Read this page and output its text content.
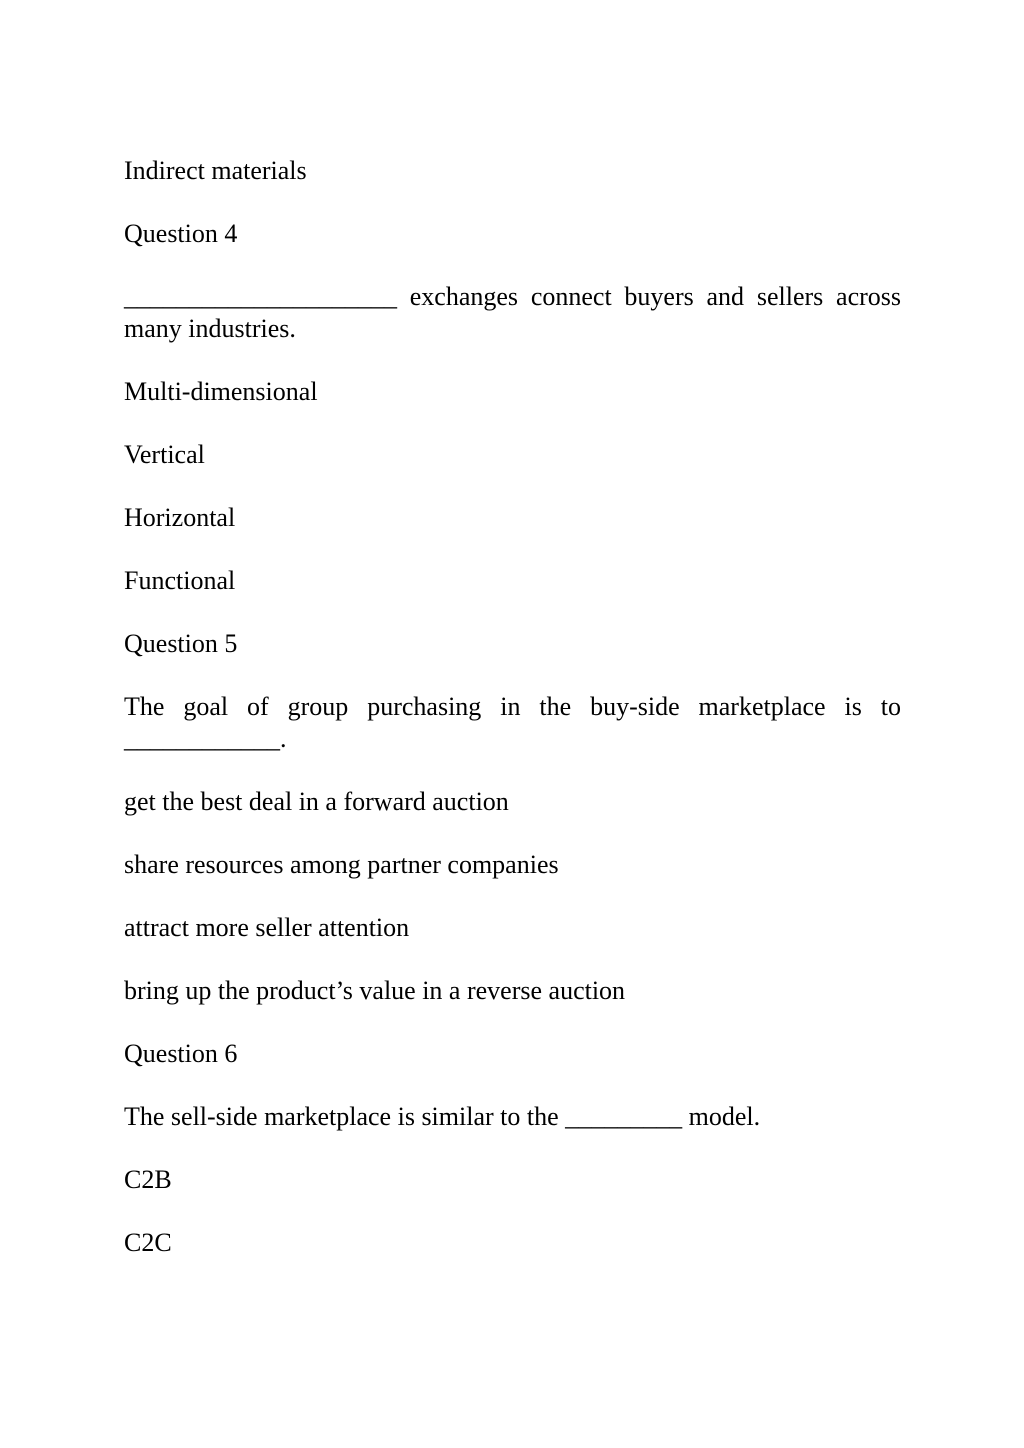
Indirect materials

Question 4

_____________________ exchanges connect buyers and sellers across many industries.

Multi-dimensional

Vertical

Horizontal

Functional

Question 5

The goal of group purchasing in the buy-side marketplace is to ____________.

get the best deal in a forward auction

share resources among partner companies

attract more seller attention

bring up the product’s value in a reverse auction

Question 6

The sell-side marketplace is similar to the _________ model.

C2B

C2C
